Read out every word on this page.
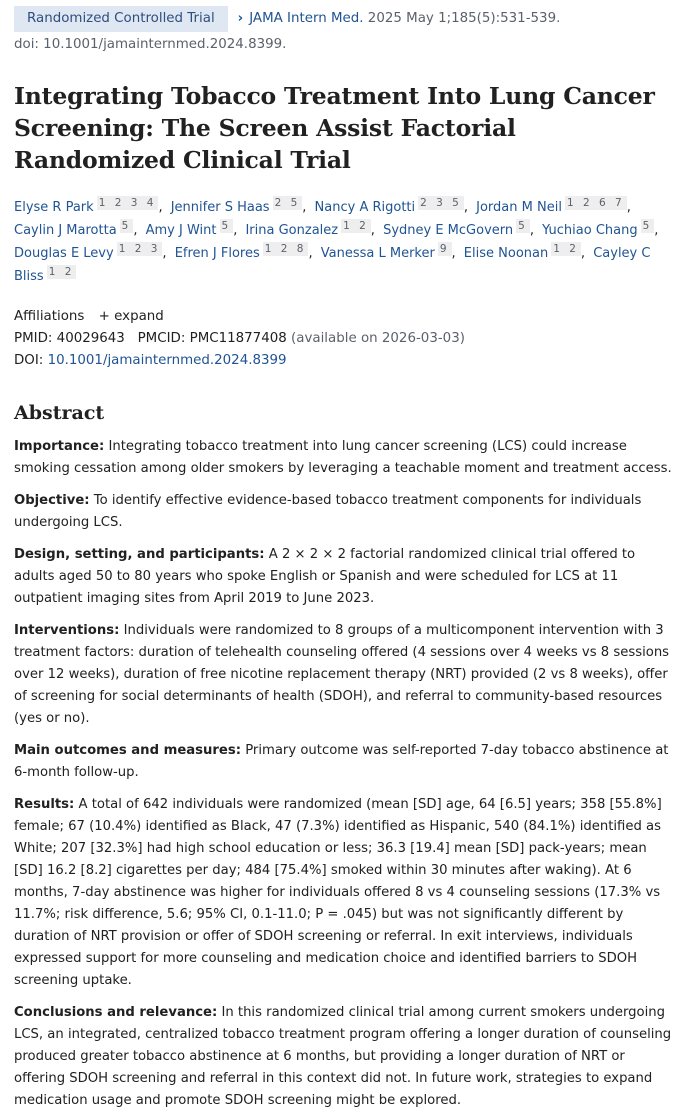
Randomized Controlled Trial	› JAMA Intern Med. 2025 May 1;185(5):531-539.
doi: 10.1001/jamainternmed.2024.8399.
Integrating Tobacco Treatment Into Lung Cancer Screening: The Screen Assist Factorial Randomized Clinical Trial
Elyse R Park 1 2 3 4 , Jennifer S Haas 2 5 , Nancy A Rigotti 2 3 5 , Jordan M Neil 1 2 6 7 , Caylin J Marotta 5 , Amy J Wint 5 , Irina Gonzalez 1 2 , Sydney E McGovern 5 , Yuchiao Chang 5 , Douglas E Levy 1 2 3 , Efren J Flores 1 2 8 , Vanessa L Merker 9 , Elise Noonan 1 2 , Cayley C Bliss 1 2
Affiliations + expand
PMID: 40029643 PMCID: PMC11877408 (available on 2026-03-03)
DOI: 10.1001/jamainternmed.2024.8399
Abstract

Importance: Integrating tobacco treatment into lung cancer screening (LCS) could increase smoking cessation among older smokers by leveraging a teachable moment and treatment access.

Objective: To identify effective evidence-based tobacco treatment components for individuals undergoing LCS.

Design, setting, and participants: A 2 × 2 × 2 factorial randomized clinical trial offered to adults aged 50 to 80 years who spoke English or Spanish and were scheduled for LCS at 11 outpatient imaging sites from April 2019 to June 2023.

Interventions: Individuals were randomized to 8 groups of a multicomponent intervention with 3 treatment factors: duration of telehealth counseling offered (4 sessions over 4 weeks vs 8 sessions over 12 weeks), duration of free nicotine replacement therapy (NRT) provided (2 vs 8 weeks), offer of screening for social determinants of health (SDOH), and referral to community-based resources (yes or no).

Main outcomes and measures: Primary outcome was self-reported 7-day tobacco abstinence at 6-month follow-up.

Results: A total of 642 individuals were randomized (mean [SD] age, 64 [6.5] years; 358 [55.8%] female; 67 (10.4%) identified as Black, 47 (7.3%) identified as Hispanic, 540 (84.1%) identified as White; 207 [32.3%] had high school education or less; 36.3 [19.4] mean [SD] pack-years; mean [SD] 16.2 [8.2] cigarettes per day; 484 [75.4%] smoked within 30 minutes after waking). At 6 months, 7-day abstinence was higher for individuals offered 8 vs 4 counseling sessions (17.3% vs 11.7%; risk difference, 5.6; 95% CI, 0.1-11.0; P = .045) but was not significantly different by duration of NRT provision or offer of SDOH screening or referral. In exit interviews, individuals expressed support for more counseling and medication choice and identified barriers to SDOH screening uptake.

Conclusions and relevance: In this randomized clinical trial among current smokers undergoing LCS, an integrated, centralized tobacco treatment program offering a longer duration of counseling produced greater tobacco abstinence at 6 months, but providing a longer duration of NRT or offering SDOH screening and referral in this context did not. In future work, strategies to expand medication usage and promote SDOH screening might be explored.
